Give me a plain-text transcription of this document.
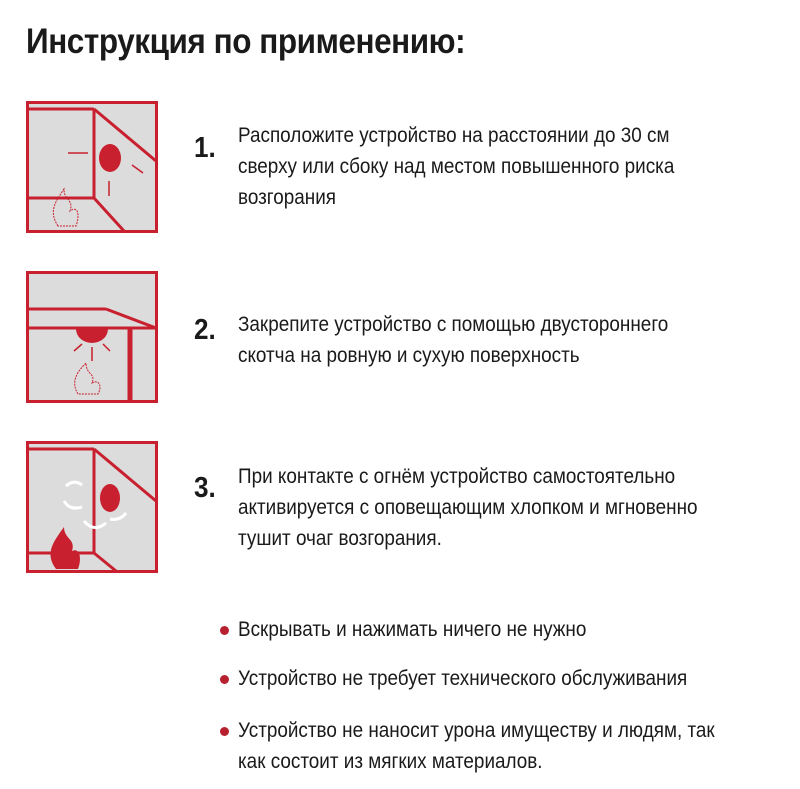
Инструкция по применению:
1. Расположите устройство на расстоянии до 30 см
сверху или сбоку над местом повышенного риска
возгорания
2. Закрепите устройство с помощью двустороннего
скотча на ровную и сухую поверхность
3. При контакте с огнём устройство самостоятельно
активируется с оповещающим хлопком и мгновенно
тушит очаг возгорания.
Вскрывать и нажимать ничего не нужно
Устройство не требует технического обслуживания
Устройство не наносит урона имуществу и людям, так
как состоит из мягких материалов.
